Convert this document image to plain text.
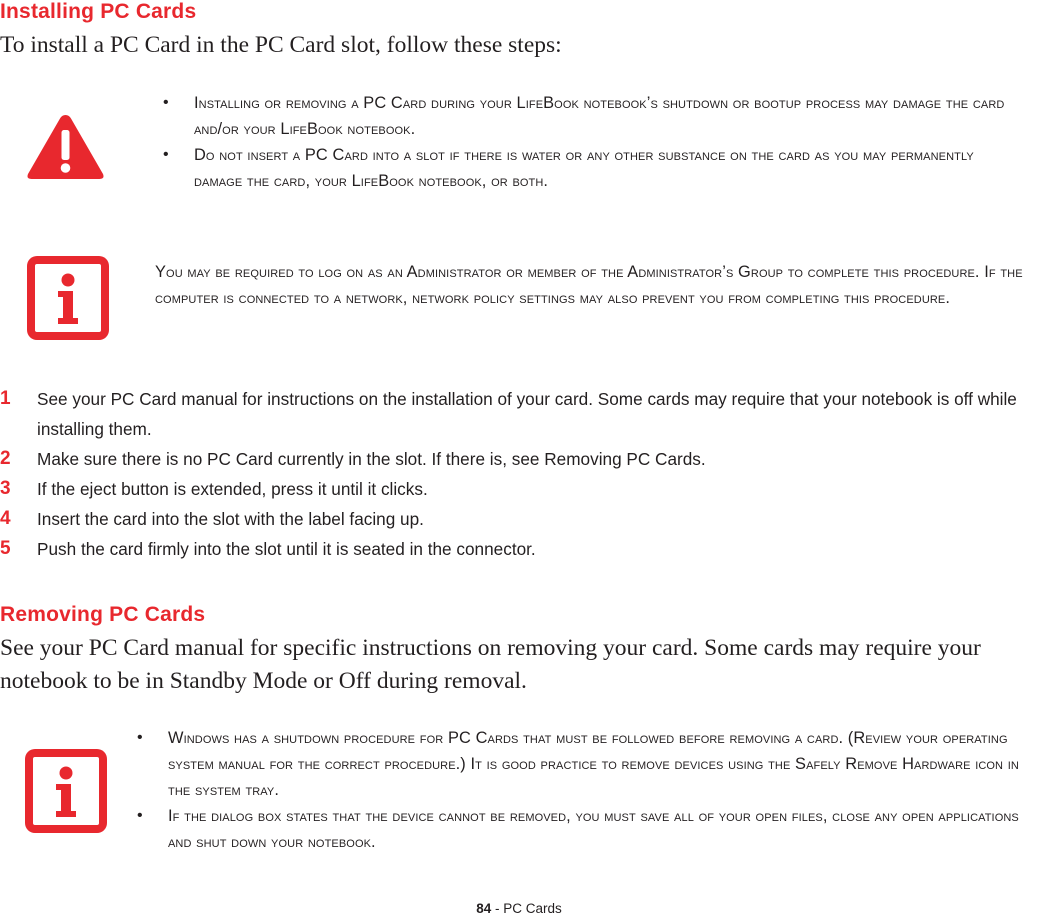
Installing PC Cards

To install a PC Card in the PC Card slot, follow these steps:

• Installing or removing a PC Card during your LifeBook notebook’s shutdown or bootup process may damage the card and/or your LifeBook notebook.
• Do not insert a PC Card into a slot if there is water or any other substance on the card as you may permanently damage the card, your LifeBook notebook, or both.

You may be required to log on as an Administrator or member of the Administrator’s Group to complete this procedure. If the computer is connected to a network, network policy settings may also prevent you from completing this procedure.

1 See your PC Card manual for instructions on the installation of your card. Some cards may require that your notebook is off while installing them.
2 Make sure there is no PC Card currently in the slot. If there is, see Removing PC Cards.
3 If the eject button is extended, press it until it clicks.
4 Insert the card into the slot with the label facing up.
5 Push the card firmly into the slot until it is seated in the connector.
Removing PC Cards

See your PC Card manual for specific instructions on removing your card. Some cards may require your notebook to be in Standby Mode or Off during removal.

• Windows has a shutdown procedure for PC Cards that must be followed before removing a card. (Review your operating system manual for the correct procedure.) It is good practice to remove devices using the Safely Remove Hardware icon in the system tray.
• If the dialog box states that the device cannot be removed, you must save all of your open files, close any open applications and shut down your notebook.
84 - PC Cards
